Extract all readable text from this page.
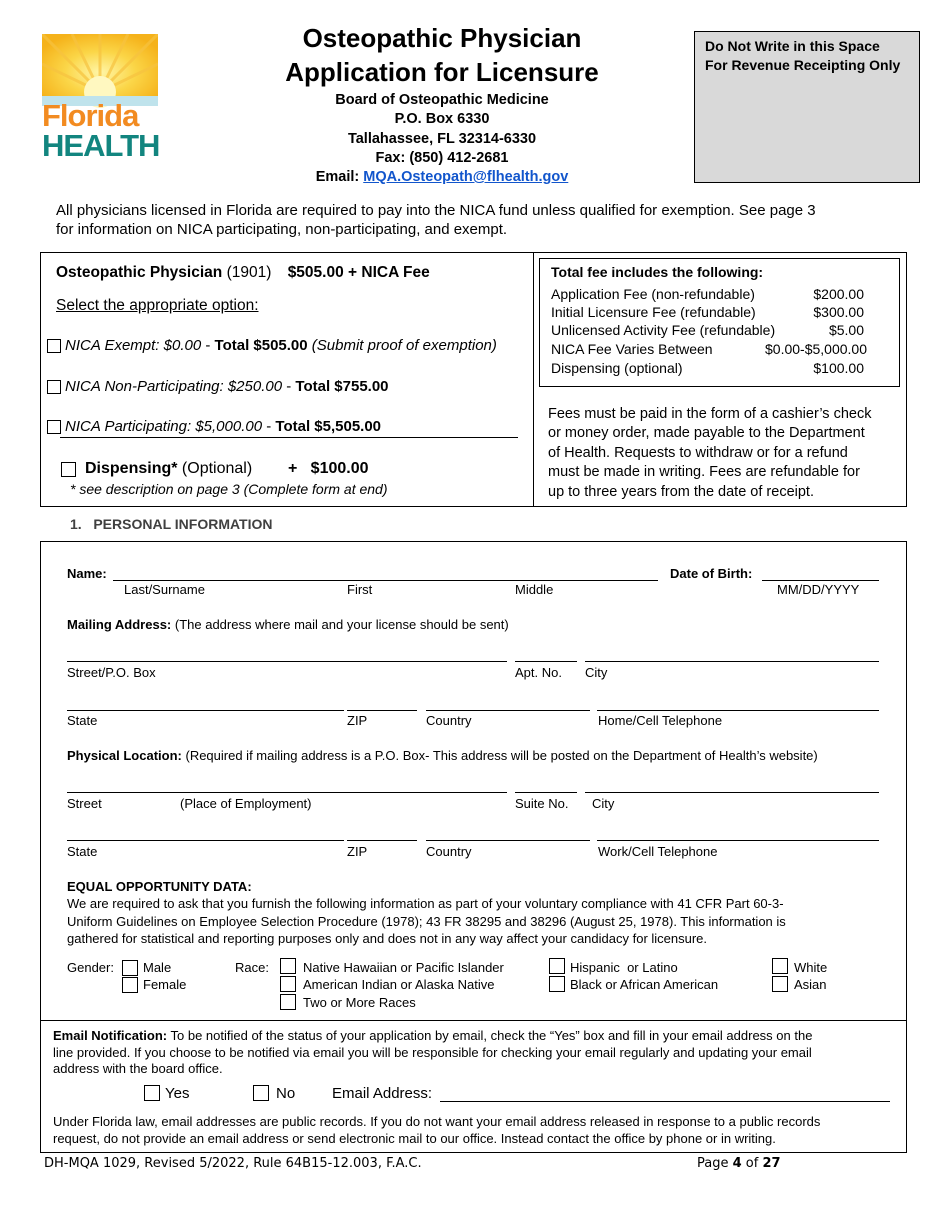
Florida
HEALTH
Osteopathic Physician
Application for Licensure
Board of Osteopathic Medicine
P.O. Box 6330
Tallahassee, FL 32314-6330
Fax: (850) 412-2681
Email: MQA.Osteopath@flhealth.gov
Do Not Write in this Space
For Revenue Receipting Only
All physicians licensed in Florida are required to pay into the NICA fund unless qualified for exemption. See page 3
for information on NICA participating, non-participating, and exempt.
Osteopathic Physician (1901) $505.00 + NICA Fee
Select the appropriate option:
NICA Exempt: $0.00 - Total $505.00 (Submit proof of exemption)
NICA Non-Participating: $250.00 - Total $755.00
NICA Participating: $5,000.00 - Total $5,505.00
Dispensing* (Optional) +   $100.00
* see description on page 3 (Complete form at end)
Total fee includes the following:
Application Fee (non-refundable)	$200.00
Initial Licensure Fee (refundable)	$300.00
Unlicensed Activity Fee (refundable)	$5.00
NICA Fee Varies Between	$0.00-$5,000.00
Dispensing (optional)	$100.00
Fees must be paid in the form of a cashier’s check
or money order, made payable to the Department
of Health. Requests to withdraw or for a refund
must be made in writing. Fees are refundable for
up to three years from the date of receipt.
1.   PERSONAL INFORMATION
Name:	Date of Birth:
Last/Surname	First	Middle	MM/DD/YYYY
Mailing Address: (The address where mail and your license should be sent)
Street/P.O. Box	Apt. No. City
State	ZIP	Country	Home/Cell Telephone
Physical Location: (Required if mailing address is a P.O. Box- This address will be posted on the Department of Health’s website)
Street	(Place of Employment)	Suite No. City
State	ZIP	Country	Work/Cell Telephone
EQUAL OPPORTUNITY DATA:
We are required to ask that you furnish the following information as part of your voluntary compliance with 41 CFR Part 60-3-
Uniform Guidelines on Employee Selection Procedure (1978); 43 FR 38295 and 38296 (August 25, 1978). This information is
gathered for statistical and reporting purposes only and does not in any way affect your candidacy for licensure.
Gender: Male
Female
Race:	Native Hawaiian or Pacific Islander
American Indian or Alaska Native
Two or More Races
Hispanic  or Latino
Black or African American
White
Asian
Email Notification: To be notified of the status of your application by email, check the “Yes” box and fill in your email address on the
line provided. If you choose to be notified via email you will be responsible for checking your email regularly and updating your email
address with the board office.
Yes	No Email Address:
Under Florida law, email addresses are public records. If you do not want your email address released in response to a public records
request, do not provide an email address or send electronic mail to our office. Instead contact the office by phone or in writing.
DH-MQA 1029, Revised 5/2022, Rule 64B15-12.003, F.A.C.	Page 4 of 27
